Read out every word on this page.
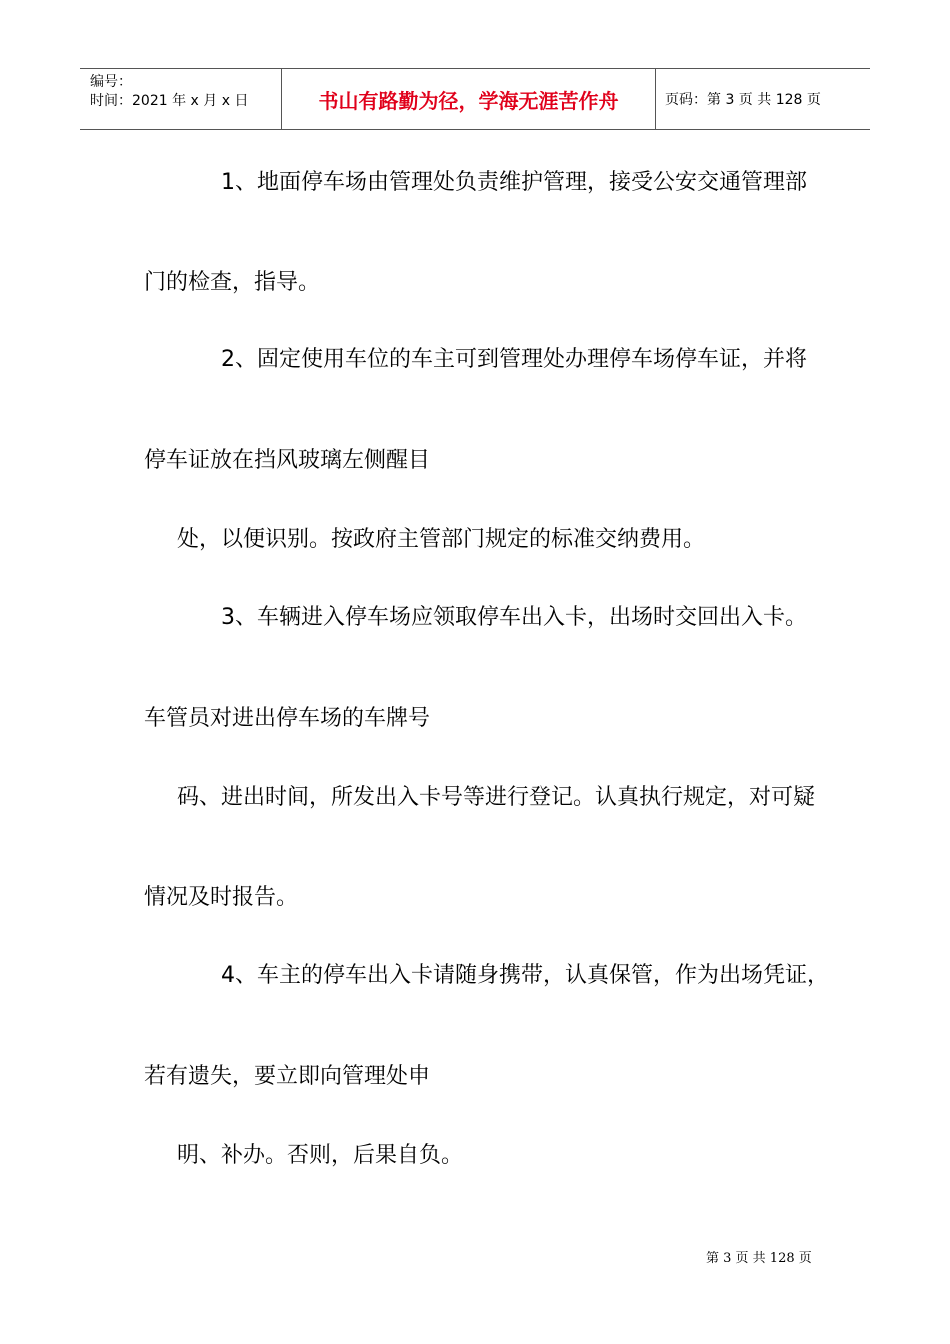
编号：
时间：2021 年 x 月 x 日	书山有路勤为径，学海无涯苦作舟	页码：第 3 页 共 128 页
1、地面停车场由管理处负责维护管理，接受公安交通管理部
门的检查，指导。
2、固定使用车位的车主可到管理处办理停车场停车证，并将
停车证放在挡风玻璃左侧醒目
处，以便识别。按政府主管部门规定的标准交纳费用。
3、车辆进入停车场应领取停车出入卡，出场时交回出入卡。
车管员对进出停车场的车牌号
码、进出时间，所发出入卡号等进行登记。认真执行规定，对可疑
情况及时报告。
4、车主的停车出入卡请随身携带，认真保管，作为出场凭证，
若有遗失，要立即向管理处申
明、补办。否则，后果自负。
第 3 页 共 128 页
